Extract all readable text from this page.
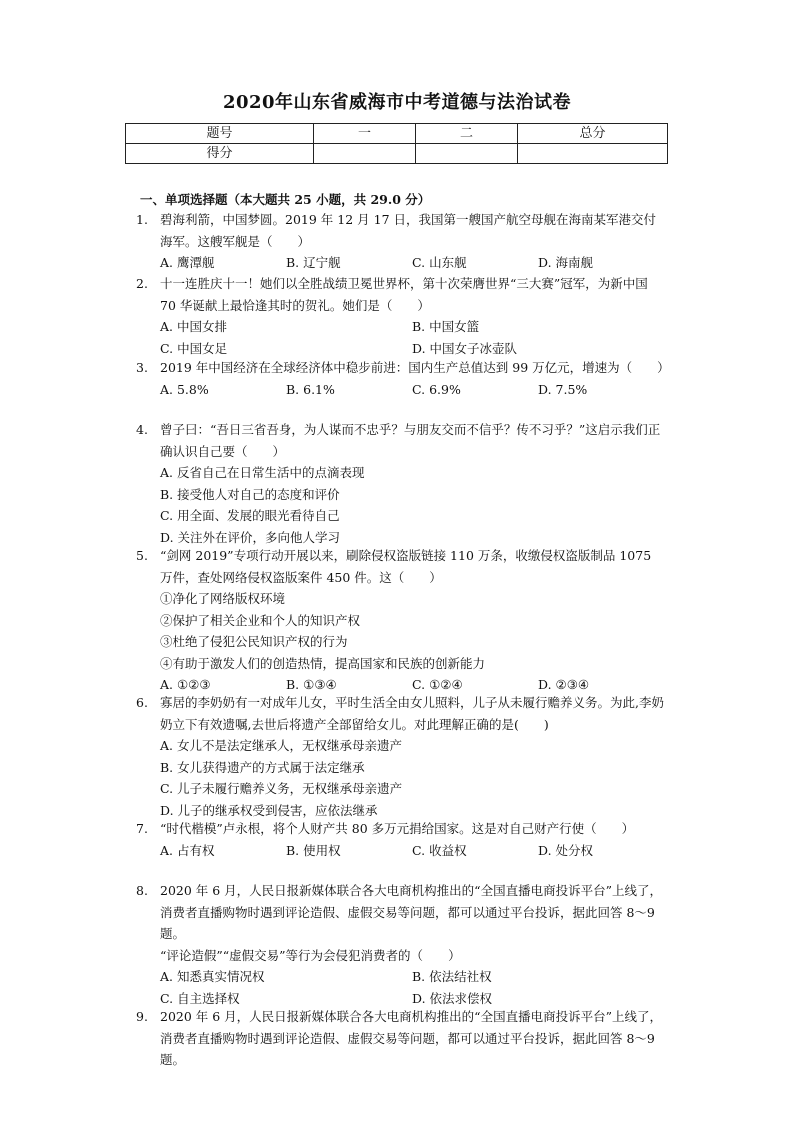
2020年山东省威海市中考道德与法治试卷
题号	一	二	总分
得分			
一、单项选择题（本大题共 25 小题，共 29.0 分）
1. 碧海利箭，中国梦圆。2019 年 12 月 17 日，我国第一艘国产航空母舰在海南某军港交付海军。这艘军舰是（　　）
A. 鹰潭舰	B. 辽宁舰	C. 山东舰	D. 海南舰
2. 十一连胜庆十一！她们以全胜战绩卫冕世界杯，第十次荣膺世界“三大赛”冠军，为新中国 70 华诞献上最恰逢其时的贺礼。她们是（　　）
A. 中国女排	B. 中国女篮
C. 中国女足	D. 中国女子冰壶队
3. 2019 年中国经济在全球经济体中稳步前进：国内生产总值达到 99 万亿元，增速为（　　）
A. 5.8%	B. 6.1%	C. 6.9%	D. 7.5%
4. 曾子曰：“吾日三省吾身，为人谋而不忠乎？与朋友交而不信乎？传不习乎？”这启示我们正确认识自己要（　　）
A. 反省自己在日常生活中的点滴表现
B. 接受他人对自己的态度和评价
C. 用全面、发展的眼光看待自己
D. 关注外在评价，多向他人学习
5. “剑网 2019”专项行动开展以来，刷除侵权盗版链接 110 万条，收缴侵权盗版制品 1075 万件，查处网络侵权盗版案件 450 件。这（　　）
①净化了网络版权环境
②保护了相关企业和个人的知识产权
③杜绝了侵犯公民知识产权的行为
④有助于激发人们的创造热情，提高国家和民族的创新能力
A. ①②③	B. ①③④	C. ①②④	D. ②③④
6. 寡居的李奶奶有一对成年儿女，平时生活全由女儿照料，儿子从未履行赡养义务。为此,李奶奶立下有效遗嘱,去世后将遗产全部留给女儿。对此理解正确的是(　　)
A. 女儿不是法定继承人，无权继承母亲遗产
B. 女儿获得遗产的方式属于法定继承
C. 儿子未履行赡养义务，无权继承母亲遗产
D. 儿子的继承权受到侵害，应依法继承
7. “时代楷模”卢永根，将个人财产共 80 多万元捐给国家。这是对自己财产行使（　　）
A. 占有权	B. 使用权	C. 收益权	D. 处分权
8. 2020 年 6 月，人民日报新媒体联合各大电商机构推出的“全国直播电商投诉平台”上线了，消费者直播购物时遇到评论造假、虚假交易等问题，都可以通过平台投诉，据此回答 8～9题。
“评论造假”“虚假交易”等行为会侵犯消费者的（　　）
A. 知悉真实情况权	B. 依法结社权
C. 自主选择权	D. 依法求偿权
9. 2020 年 6 月，人民日报新媒体联合各大电商机构推出的“全国直播电商投诉平台”上线了，消费者直播购物时遇到评论造假、虚假交易等问题，都可以通过平台投诉，据此回答 8～9题。
